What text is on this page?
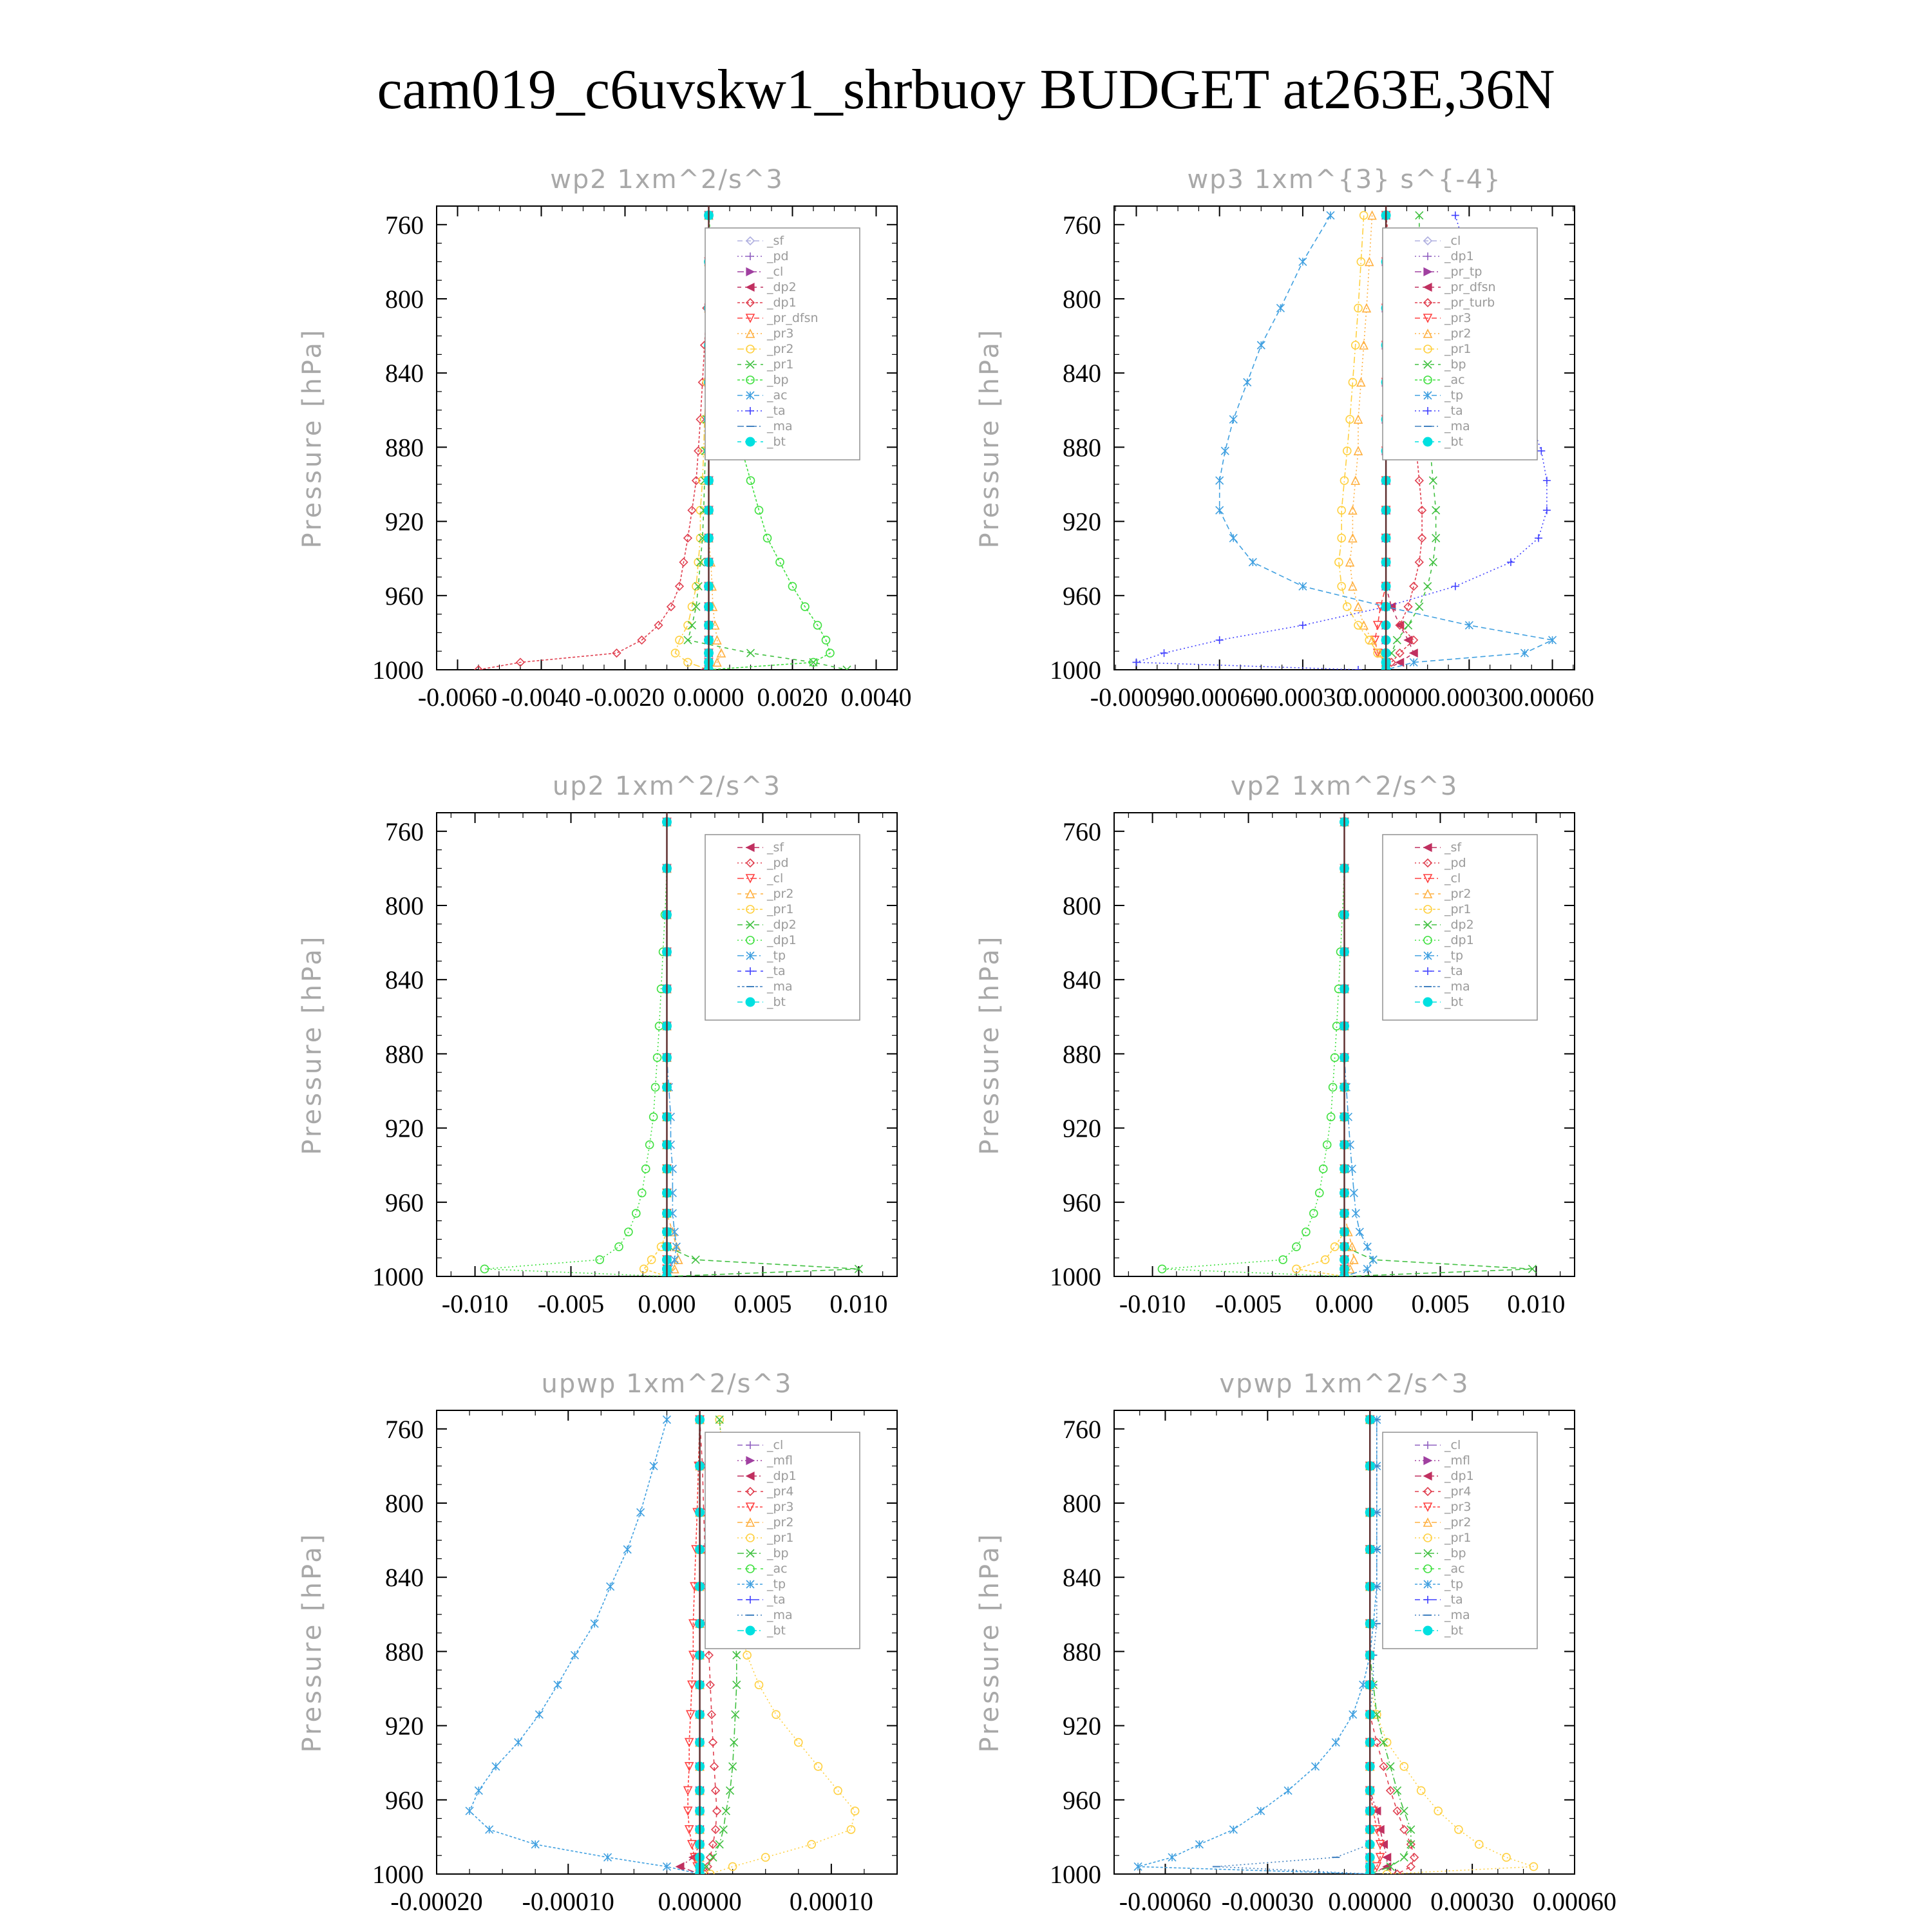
cam019_c6uvskw1_shrbuoy BUDGET at263E,36N
wp2 1xm^2/s^3
Pressure [hPa]
760
800
840
880
920
960
1000
-0.0060 -0.0040 -0.0020 0.0000 0.0020 0.0040
_sf
_pd
_cl
_dp2
_dp1
_pr_dfsn
_pr3
_pr2
_pr1
_bp
_ac
_ta
_ma
_bt
wp3 1xm^{3} s^{-4}
Pressure [hPa]
760
800
840
880
920
960
1000
-0.00090
-0.00060
-0.00030
0.00000 0.00030 0.00060
_cl
_dp1
_pr_tp
_pr_dfsn
_pr_turb
_pr3
_pr2
_pr1
_bp
_ac
_tp
_ta
_ma
_bt
up2 1xm^2/s^3
Pressure [hPa]
760
800
840
880
920
960
1000
-0.010 -0.005 0.000 0.005 0.010
_sf
_pd
_cl
_pr2
_pr1
_dp2
_dp1
_tp
_ta
_ma
_bt
vp2 1xm^2/s^3
Pressure [hPa]
760
800
840
880
920
960
1000
-0.010 -0.005 0.000 0.005 0.010
_sf
_pd
_cl
_pr2
_pr1
_dp2
_dp1
_tp
_ta
_ma
_bt
upwp 1xm^2/s^3
Pressure [hPa]
760
800
840
880
920
960
1000
-0.00020 -0.00010 0.00000 0.00010
_cl
_mfl
_dp1
_pr4
_pr3
_pr2
_pr1
_bp
_ac
_tp
_ta
_ma
_bt
vpwp 1xm^2/s^3
Pressure [hPa]
760
800
840
880
920
960
1000
-0.00060 -0.00030 0.00000 0.00030 0.00060
_cl
_mfl
_dp1
_pr4
_pr3
_pr2
_pr1
_bp
_ac
_tp
_ta
_ma
_bt
